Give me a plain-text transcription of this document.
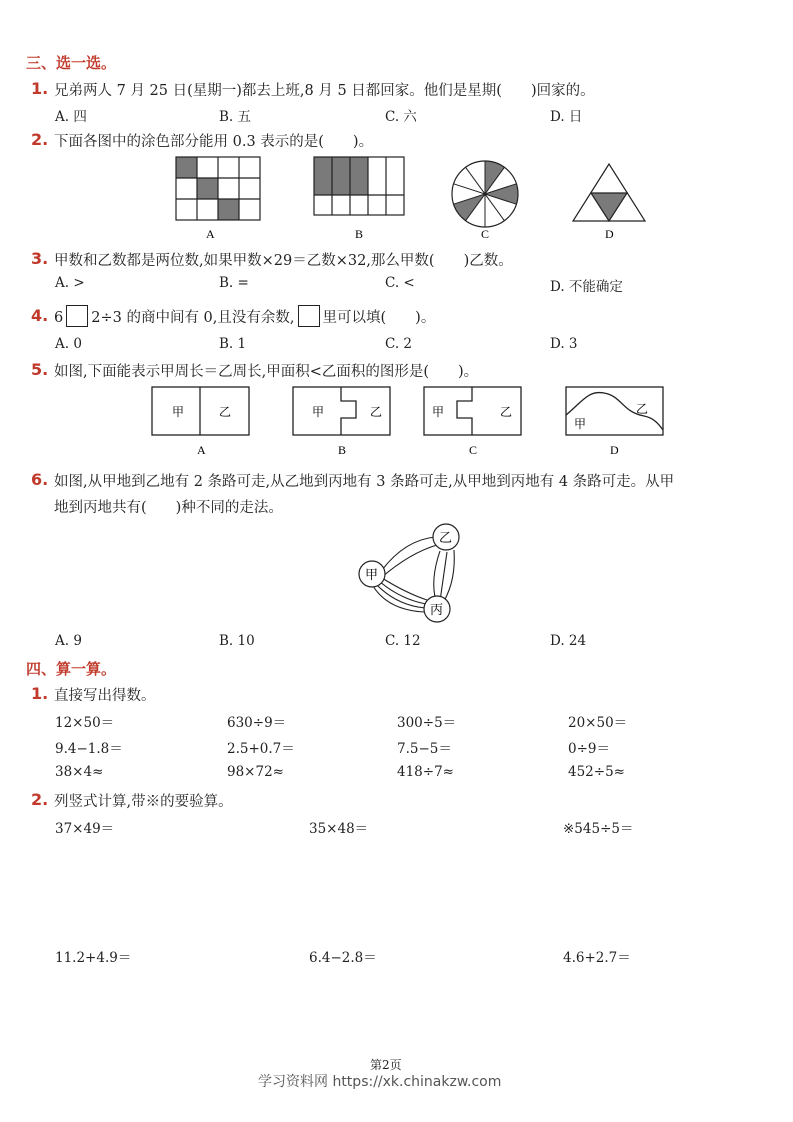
三、选一选。
1. 兄弟两人 7 月 25 日(星期一)都去上班,8 月 5 日都回家。他们是星期(　　)回家的。
A. 四	B. 五	C. 六	D. 日
2. 下面各图中的涂色部分能用 0.3 表示的是(　　)。
A	B	C	D
3. 甲数和乙数都是两位数,如果甲数×29＝乙数×32,那么甲数(　　)乙数。
A. >	B. =	C. <	D. 不能确定
4. 6 2÷3 的商中间有 0,且没有余数, 里可以填(　　)。
A. 0	B. 1	C. 2	D. 3
5. 如图,下面能表示甲周长＝乙周长,甲面积<乙面积的图形是(　　)。
甲	乙	甲	乙	甲	乙
甲
乙
A	B	C	D
6. 如图,从甲地到乙地有 2 条路可走,从乙地到丙地有 3 条路可走,从甲地到丙地有 4 条路可走。从甲
地到丙地共有(　　)种不同的走法。
甲
乙
丙
A. 9	B. 10	C. 12	D. 24
四、算一算。
1. 直接写出得数。
12×50＝	630÷9＝	300÷5＝	20×50＝
9.4−1.8＝	2.5+0.7＝	7.5−5＝	0÷9＝
38×4≈	98×72≈	418÷7≈	452÷5≈
2. 列竖式计算,带※的要验算。
37×49＝	35×48＝	※545÷5＝
11.2+4.9＝	6.4−2.8＝	4.6+2.7＝
第2页
学习资料网 https://xk.chinakzw.com
